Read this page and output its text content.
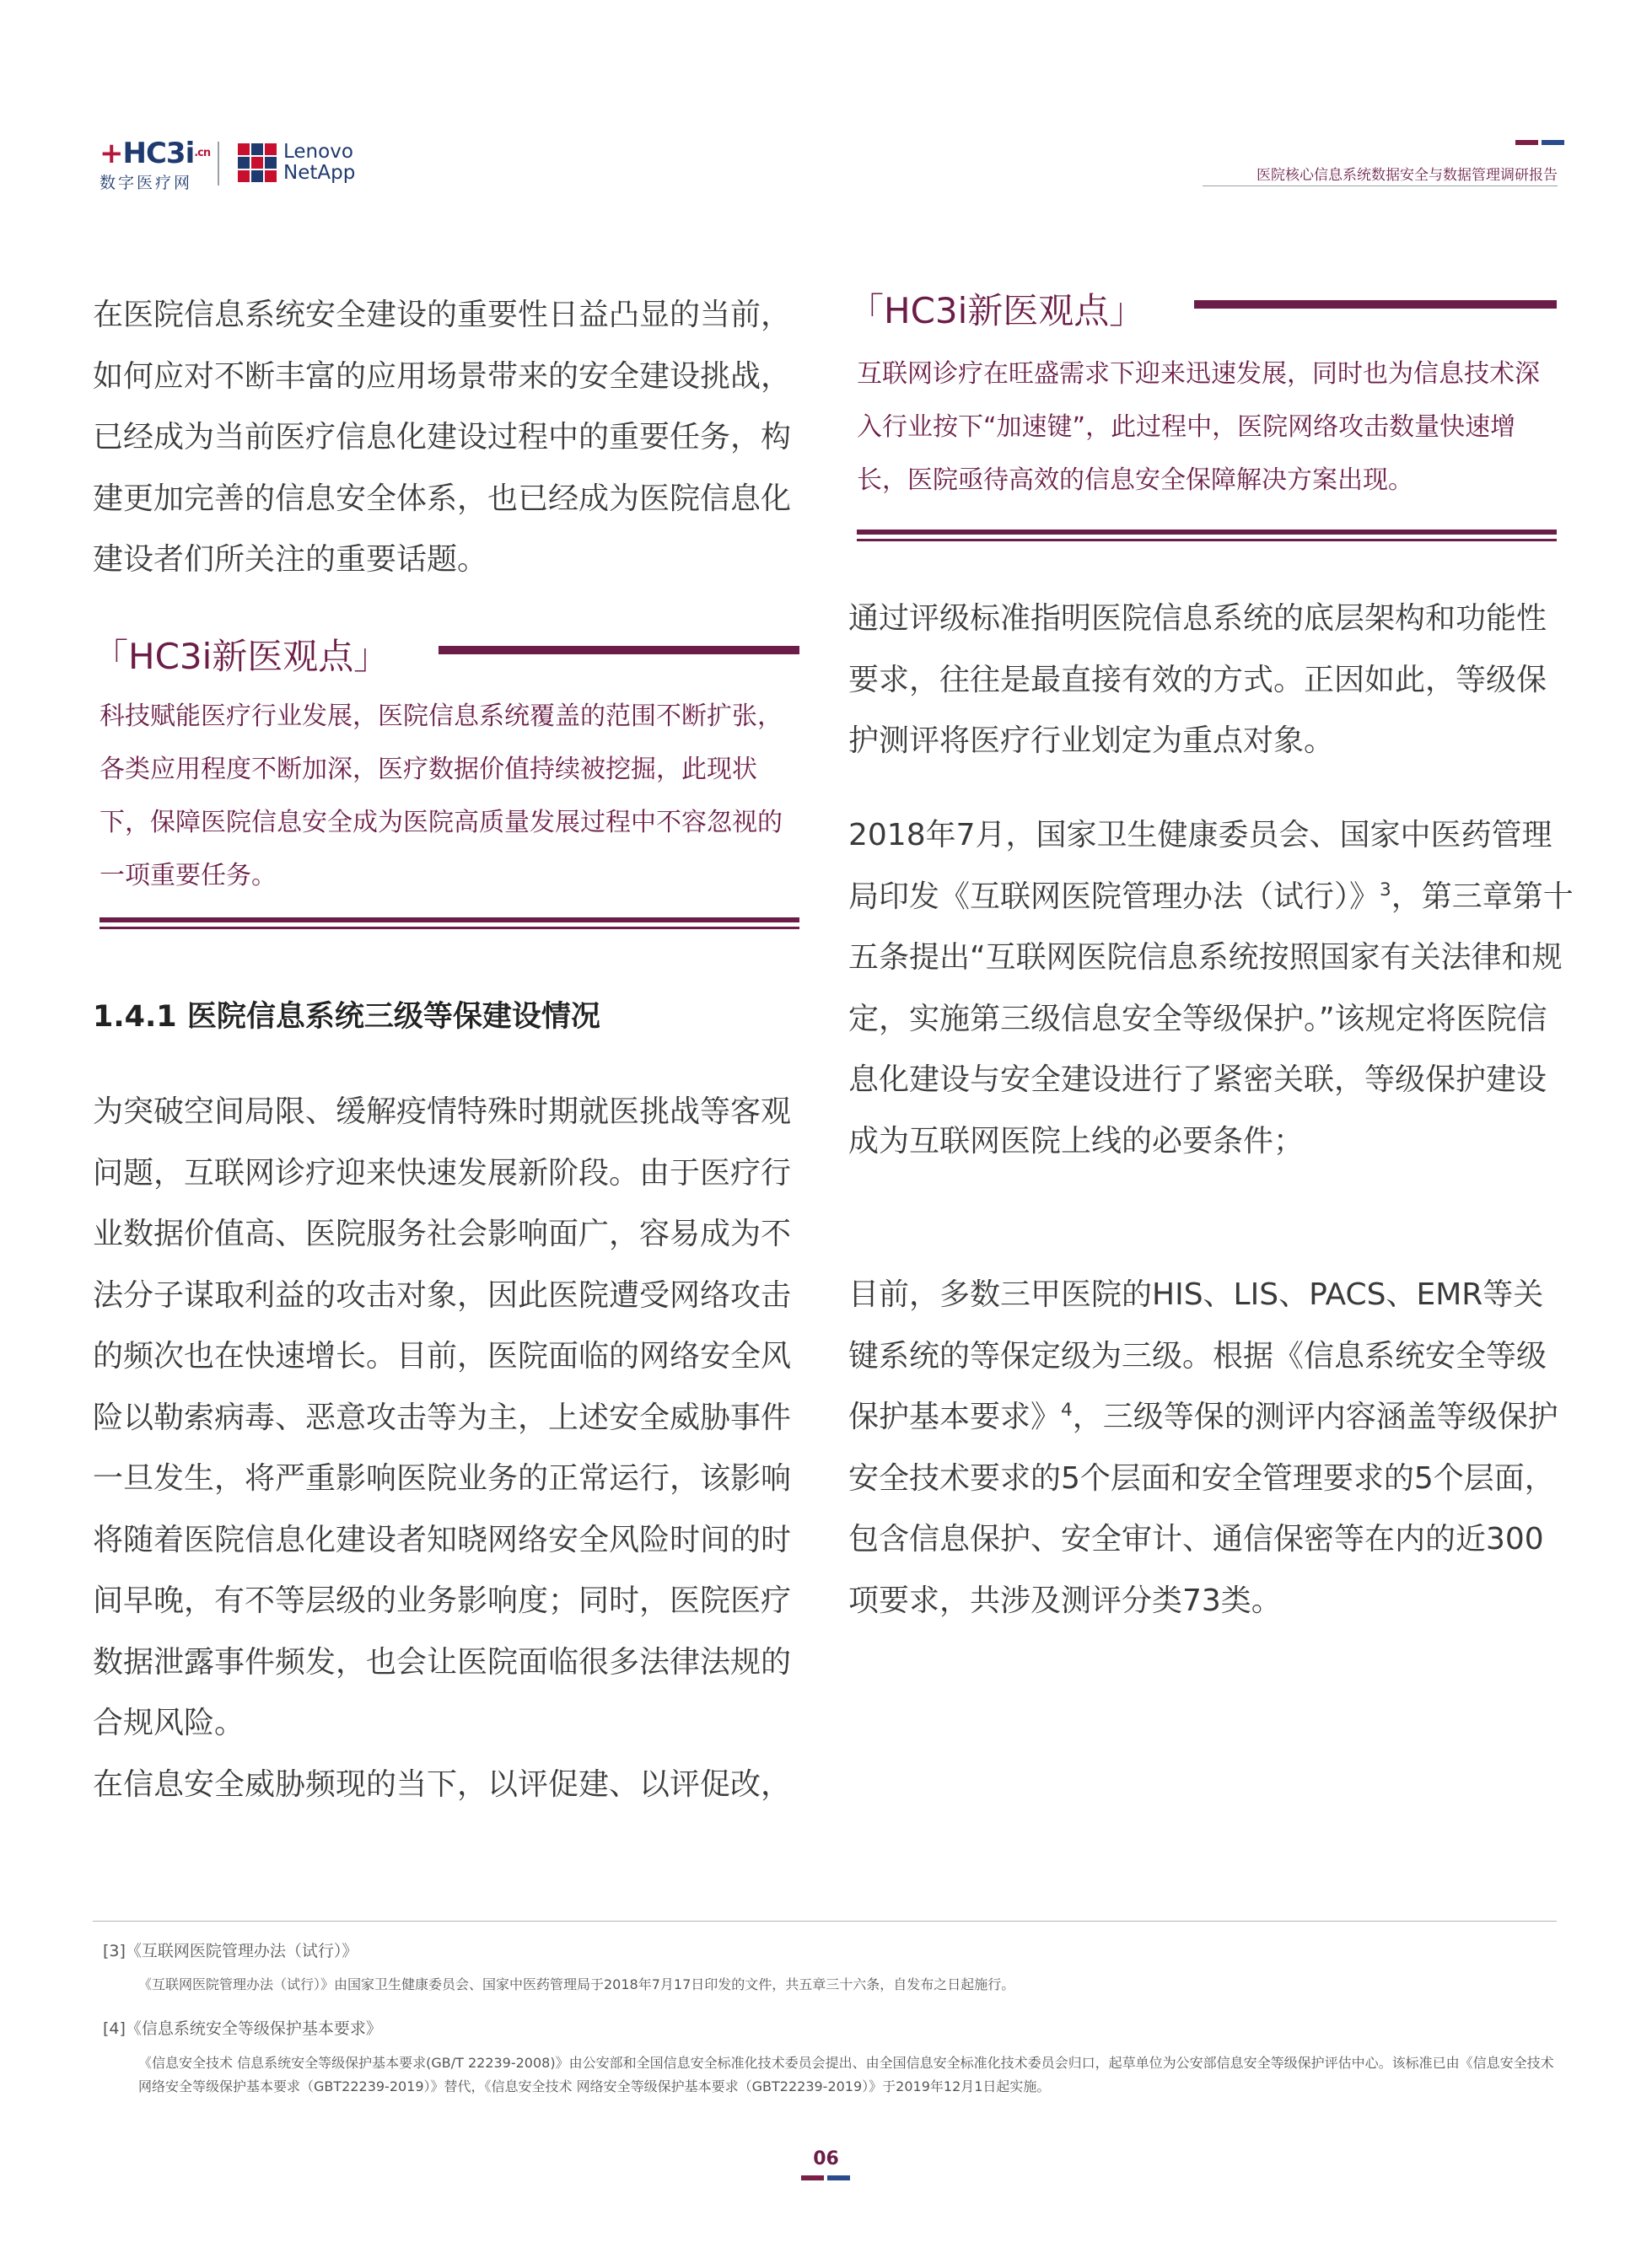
$+HC3i^{.cn}$
数字医疗网
Lenovo
NetApp	医院核心信息系统数据安全与数据管理调研报告

在医院信息系统安全建设的重要性日益凸显的当前，如何应对不断丰富的应用场景带来的安全建设挑战，已经成为当前医疗信息化建设过程中的重要任务，构建更加完善的信息安全体系，也已经成为医院信息化建设者们所关注的重要话题。

「HC3i新医观点」

科技赋能医疗行业发展，医院信息系统覆盖的范围不断扩张，各类应用程度不断加深，医疗数据价值持续被挖掘，此现状下，保障医院信息安全成为医院高质量发展过程中不容忽视的一项重要任务。

1.4.1 医院信息系统三级等保建设情况

为突破空间局限、缓解疫情特殊时期就医挑战等客观问题，互联网诊疗迎来快速发展新阶段。由于医疗行业数据价值高、医院服务社会影响面广，容易成为不法分子谋取利益的攻击对象，因此医院遭受网络攻击的频次也在快速增长。目前，医院面临的网络安全风险以勒索病毒、恶意攻击等为主，上述安全威胁事件一旦发生，将严重影响医院业务的正常运行，该影响将随着医院信息化建设者知晓网络安全风险时间的时间早晚，有不等层级的业务影响度；同时，医院医疗数据泄露事件频发，也会让医院面临很多法律法规的合规风险。

在信息安全威胁频现的当下，以评促建、以评促改，

「HC3i新医观点」

互联网诊疗在旺盛需求下迎来迅速发展，同时也为信息技术深入行业按下“加速键”，此过程中，医院网络攻击数量快速增长，医院亟待高效的信息安全保障解决方案出现。

通过评级标准指明医院信息系统的底层架构和功能性要求，往往是最直接有效的方式。正因如此，等级保护测评将医疗行业划定为重点对象。

2018年7月，国家卫生健康委员会、国家中医药管理局印发《互联网医院管理办法（试行）》$^3$，第三章第十五条提出“互联网医院信息系统按照国家有关法律和规定，实施第三级信息安全等级保护。”该规定将医院信息化建设与安全建设进行了紧密关联，等级保护建设成为互联网医院上线的必要条件；

目前，多数三甲医院的HIS、LIS、PACS、EMR等关键系统的等保定级为三级。根据《信息系统安全等级保护基本要求》$^4$，三级等保的测评内容涵盖等级保护安全技术要求的5个层面和安全管理要求的5个层面，包含信息保护、安全审计、通信保密等在内的近300项要求，共涉及测评分类73类。

[3]《互联网医院管理办法（试行）》

《互联网医院管理办法（试行）》由国家卫生健康委员会、国家中医药管理局于2018年7月17日印发的文件，共五章三十六条，自发布之日起施行。

[4]《信息系统安全等级保护基本要求》

《信息安全技术 信息系统安全等级保护基本要求(GB/T 22239-2008)》由公安部和全国信息安全标准化技术委员会提出、由全国信息安全标准化技术委员会归口，起草单位为公安部信息安全等级保护评估中心。该标准已由《信息安全技术 网络安全等级保护基本要求（GBT22239-2019）》替代，《信息安全技术 网络安全等级保护基本要求（GBT22239-2019）》于2019年12月1日起实施。

06
